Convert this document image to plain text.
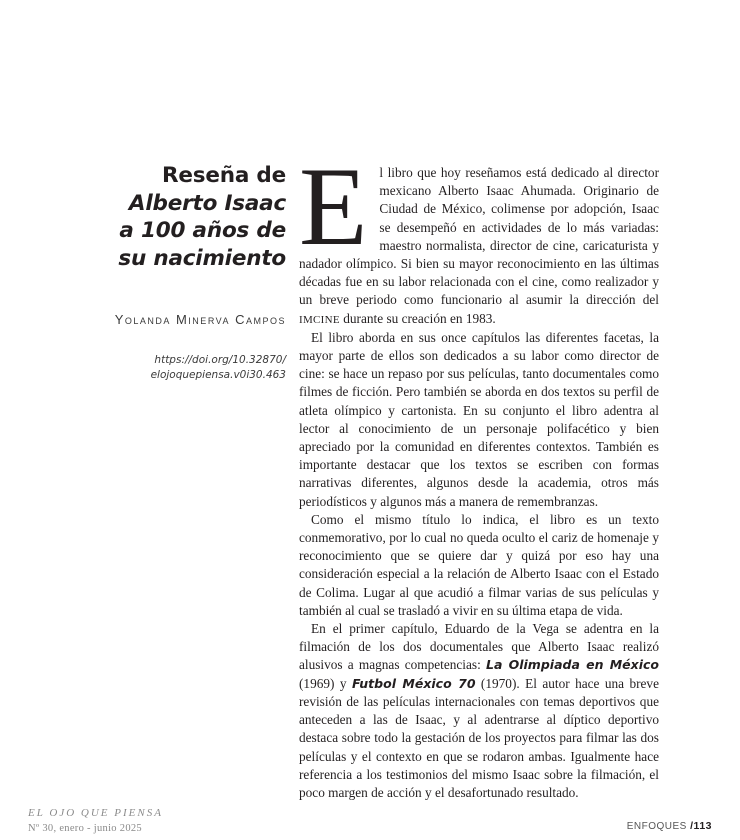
Reseña de
Alberto Isaac
a 100 años de
su nacimiento
Yolanda Minerva Campos
https://doi.org/10.32870/
elojoquepiensa.v0i30.463

El libro que hoy reseñamos está dedicado al director mexicano Alberto Isaac Ahumada. Originario de Ciudad de México, colimense por adopción, Isaac se desempeñó en actividades de lo más variadas: maestro normalista, director de cine, caricaturista y nadador olímpico. Si bien su mayor reconocimiento en las últimas décadas fue en su labor relacionada con el cine, como realizador y un breve periodo como funcionario al asumir la dirección del IMCINE durante su creación en 1983.

El libro aborda en sus once capítulos las diferentes facetas, la mayor parte de ellos son dedicados a su labor como director de cine: se hace un repaso por sus películas, tanto documentales como filmes de ficción. Pero también se aborda en dos textos su perfil de atleta olímpico y cartonista. En su conjunto el libro adentra al lector al conocimiento de un personaje polifacético y bien apreciado por la comunidad en diferentes contextos. También es importante destacar que los textos se escriben con formas narrativas diferentes, algunos desde la academia, otros más periodísticos y algunos más a manera de remembranzas.

Como el mismo título lo indica, el libro es un texto conmemorativo, por lo cual no queda oculto el cariz de homenaje y reconocimiento que se quiere dar y quizá por eso hay una consideración especial a la relación de Alberto Isaac con el Estado de Colima. Lugar al que acudió a filmar varias de sus películas y también al cual se trasladó a vivir en su última etapa de vida.

En el primer capítulo, Eduardo de la Vega se adentra en la filmación de los dos documentales que Alberto Isaac realizó alusivos a magnas competencias: La Olimpiada en México (1969) y Futbol México 70 (1970). El autor hace una breve revisión de las películas internacionales con temas deportivos que anteceden a las de Isaac, y al adentrarse al díptico deportivo destaca sobre todo la gestación de los proyectos para filmar las dos películas y el contexto en que se rodaron ambas. Igualmente hace referencia a los testimonios del mismo Isaac sobre la filmación, el poco margen de acción y el desafortunado resultado.

EL OJO QUE PIENSA
Nº 30, enero - junio 2025	ENFOQUES /113
